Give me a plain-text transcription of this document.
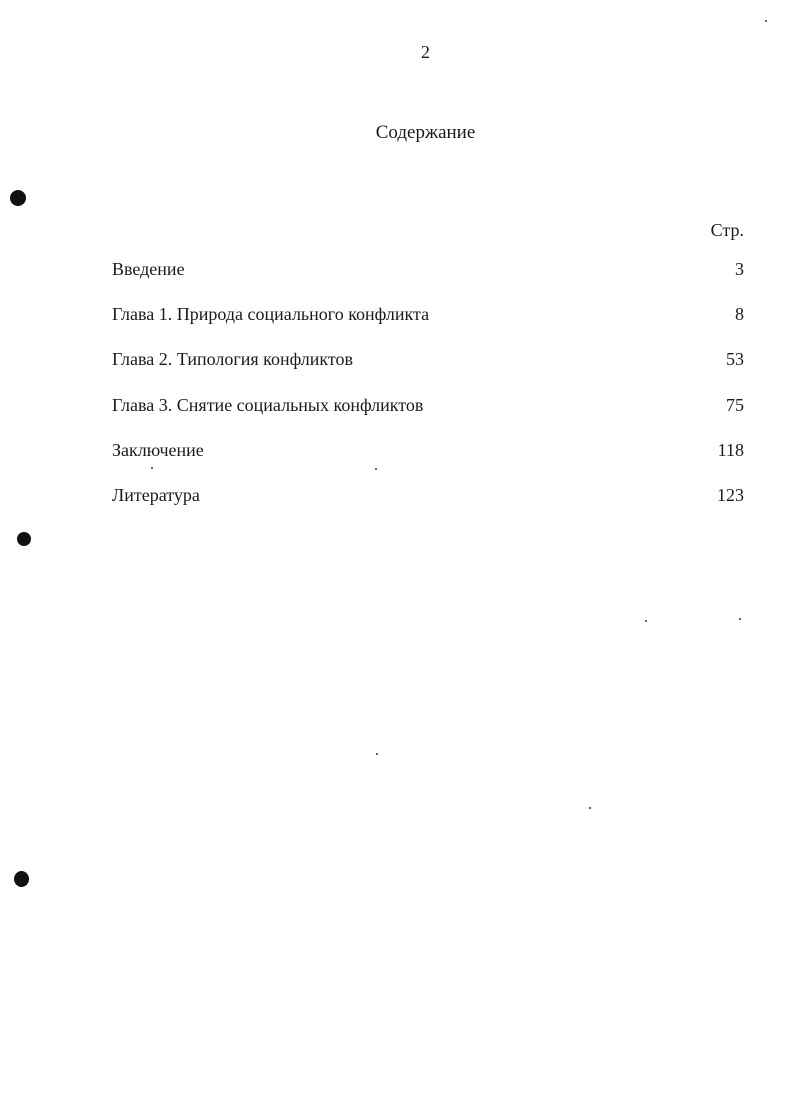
2
Содержание
Стр.
Введение	3
Глава 1. Природа социального конфликта	8
Глава 2. Типология конфликтов	53
Глава 3. Снятие социальных конфликтов	75
Заключение	118
Литература	123
